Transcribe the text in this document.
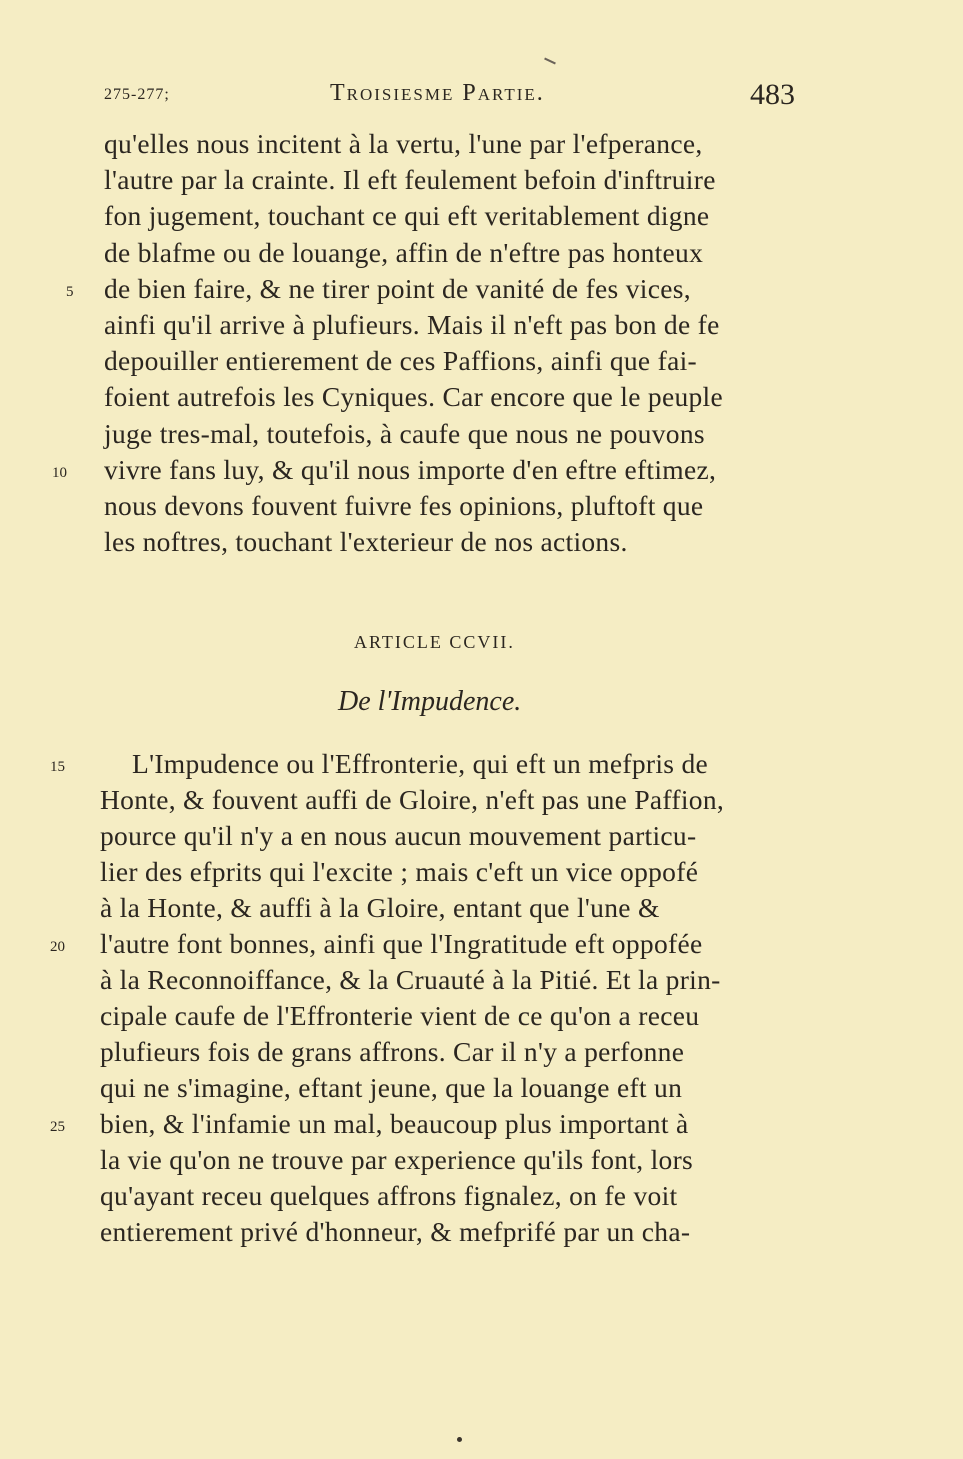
275-277;	Troisiesme Partie.	483
qu'elles nous incitent à la vertu, l'une par l'efperance,
l'autre par la crainte. Il eft feulement befoin d'inftruire
fon jugement, touchant ce qui eft veritablement digne
de blafme ou de louange, affin de n'eftre pas honteux
de bien faire, & ne tirer point de vanité de fes vices,
5
ainfi qu'il arrive à plufieurs. Mais il n'eft pas bon de fe
depouiller entierement de ces Paffions, ainfi que fai-
foient autrefois les Cyniques. Car encore que le peuple
juge tres-mal, toutefois, à caufe que nous ne pouvons
vivre fans luy, & qu'il nous importe d'en eftre eftimez,
10
nous devons fouvent fuivre fes opinions, pluftoft que
les noftres, touchant l'exterieur de nos actions.
ARTICLE CCVII.
De l'Impudence.
L'Impudence ou l'Effronterie, qui eft un mefpris de
15
Honte, & fouvent auffi de Gloire, n'eft pas une Paffion,
pource qu'il n'y a en nous aucun mouvement particu-
lier des efprits qui l'excite ; mais c'eft un vice oppofé
à la Honte, & auffi à la Gloire, entant que l'une &
l'autre font bonnes, ainfi que l'Ingratitude eft oppofée
20
à la Reconnoiffance, & la Cruauté à la Pitié. Et la prin-
cipale caufe de l'Effronterie vient de ce qu'on a receu
plufieurs fois de grans affrons. Car il n'y a perfonne
qui ne s'imagine, eftant jeune, que la louange eft un
bien, & l'infamie un mal, beaucoup plus important à
25
la vie qu'on ne trouve par experience qu'ils font, lors
qu'ayant receu quelques affrons fignalez, on fe voit
entierement privé d'honneur, & mefprifé par un cha-
